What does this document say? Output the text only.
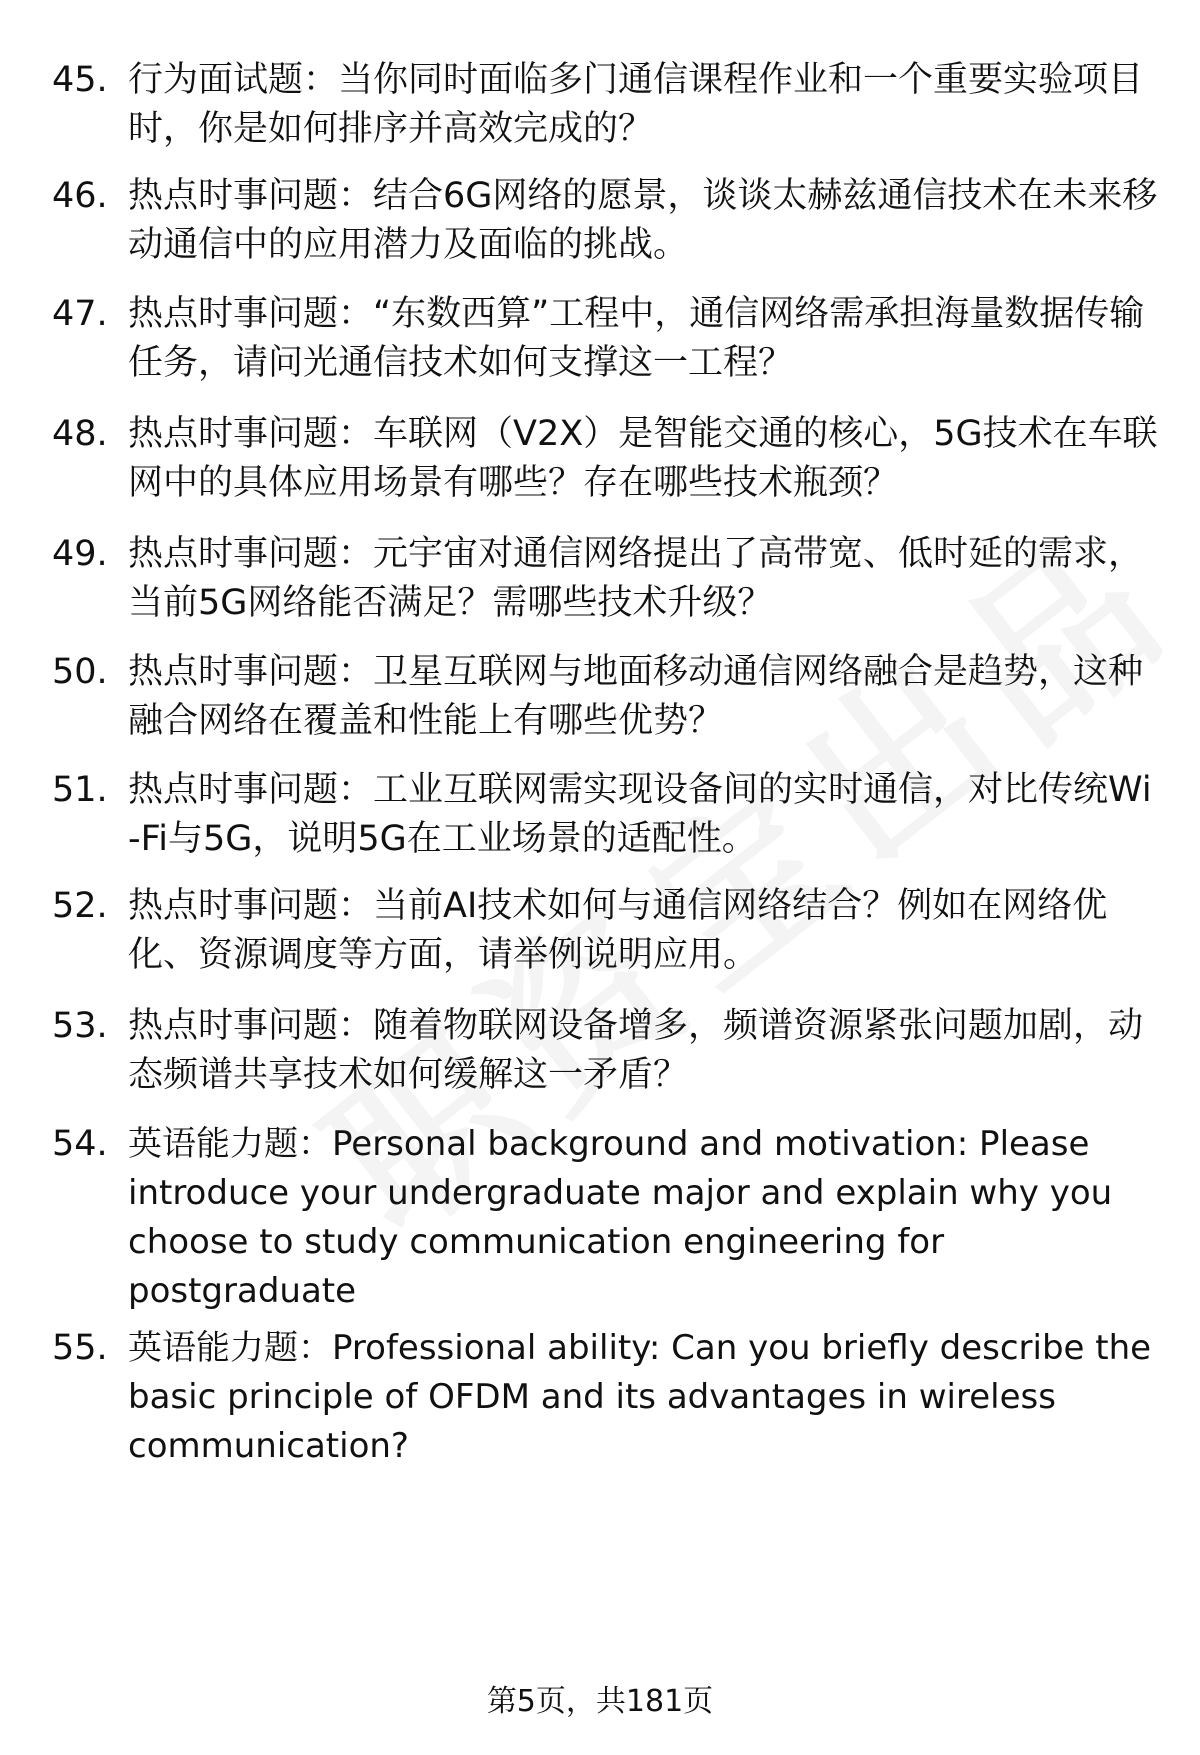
45. 行为面试题：当你同时面临多门通信课程作业和一个重要实验项目时，你是如何排序并高效完成的？
46. 热点时事问题：结合6G网络的愿景，谈谈太赫兹通信技术在未来移动通信中的应用潜力及面临的挑战。
47. 热点时事问题：“东数西算”工程中，通信网络需承担海量数据传输任务，请问光通信技术如何支撑这一工程？
48. 热点时事问题：车联网（V2X）是智能交通的核心，5G技术在车联网中的具体应用场景有哪些？存在哪些技术瓶颈？
49. 热点时事问题：元宇宙对通信网络提出了高带宽、低时延的需求，当前5G网络能否满足？需哪些技术升级？
50. 热点时事问题：卫星互联网与地面移动通信网络融合是趋势，这种融合网络在覆盖和性能上有哪些优势？
51. 热点时事问题：工业互联网需实现设备间的实时通信，对比传统Wi-Fi与5G，说明5G在工业场景的适配性。
52. 热点时事问题：当前AI技术如何与通信网络结合？例如在网络优化、资源调度等方面，请举例说明应用。
53. 热点时事问题：随着物联网设备增多，频谱资源紧张问题加剧，动态频谱共享技术如何缓解这一矛盾？
54. 英语能力题：Personal background and motivation: Please introduce your undergraduate major and explain why you choose to study communication engineering for postgraduate
55. 英语能力题：Professional ability: Can you briefly describe the basic principle of OFDM and its advantages in wireless communication?
第5页，共181页
